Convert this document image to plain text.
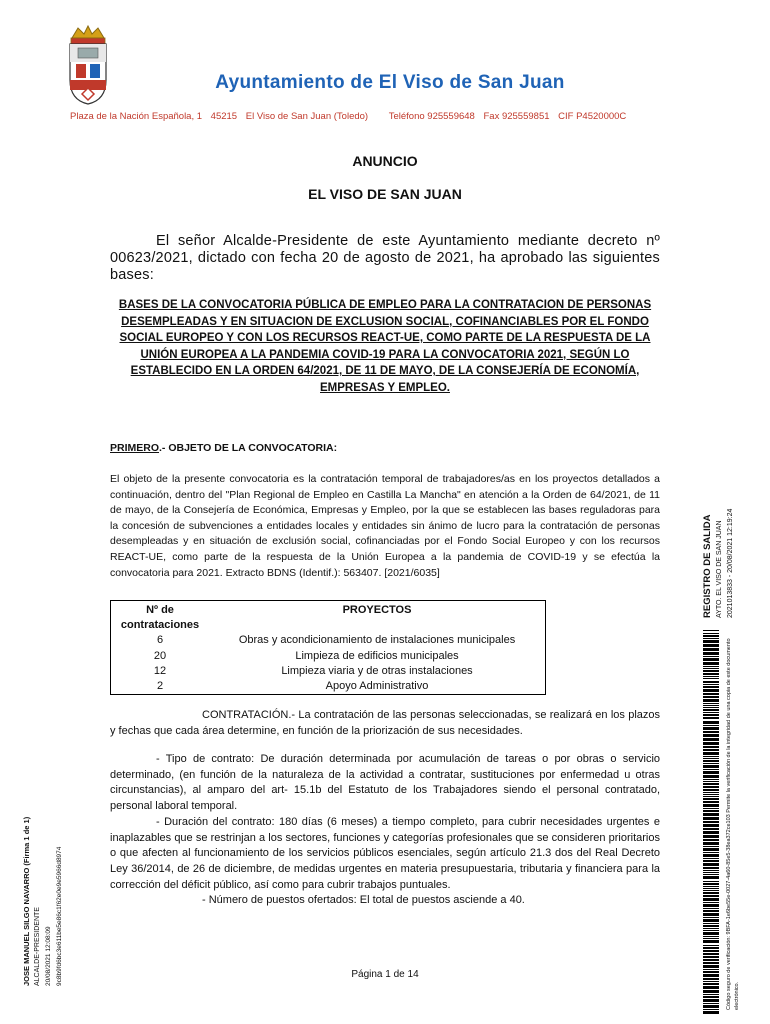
Ayuntamiento de El Viso de San Juan
Plaza de la Nación Española, 1 45215 El Viso de San Juan (Toledo) Teléfono 925559648 Fax 925559851 CIF P4520000C
ANUNCIO
EL VISO DE SAN JUAN
El señor Alcalde-Presidente de este Ayuntamiento mediante decreto nº 00623/2021, dictado con fecha 20 de agosto de 2021, ha aprobado las siguientes bases:
BASES DE LA CONVOCATORIA PÚBLICA DE EMPLEO PARA LA CONTRATACION DE PERSONAS DESEMPLEADAS Y EN SITUACION DE EXCLUSION SOCIAL, COFINANCIABLES POR EL FONDO SOCIAL EUROPEO Y CON LOS RECURSOS REACT-UE, COMO PARTE DE LA RESPUESTA DE LA UNIÓN EUROPEA A LA PANDEMIA COVID-19 PARA LA CONVOCATORIA 2021, SEGÚN LO ESTABLECIDO EN LA ORDEN 64/2021, DE 11 DE MAYO, DE LA CONSEJERÍA DE ECONOMÍA, EMPRESAS Y EMPLEO.
PRIMERO.- OBJETO DE LA CONVOCATORIA:
El objeto de la presente convocatoria es la contratación temporal de trabajadores/as en los proyectos detallados a continuación, dentro del "Plan Regional de Empleo en Castilla La Mancha" en atención a la Orden de 64/2021, de 11 de mayo, de la Consejería de Económica, Empresas y Empleo, por la que se establecen las bases reguladoras para la concesión de subvenciones a entidades locales y entidades sin ánimo de lucro para la contratación de personas desempleadas y en situación de exclusión social, cofinanciadas por el Fondo Social Europeo y con los recursos REACT-UE, como parte de la respuesta de la Unión Europea a la pandemia de COVID-19 y se efectúa la convocatoria para 2021. Extracto BDNS (Identif.): 563407. [2021/6035]
Nº de contrataciones	PROYECTOS
6	Obras y acondicionamiento de instalaciones municipales
20	Limpieza de edificios municipales
12	Limpieza viaria y de otras instalaciones
2	Apoyo Administrativo
CONTRATACIÓN.- La contratación de las personas seleccionadas, se realizará en los plazos y fechas que cada área determine, en función de la priorización de sus necesidades.

- Tipo de contrato: De duración determinada por acumulación de tareas o por obras o servicio determinado, (en función de la naturaleza de la actividad a contratar, sustituciones por enfermedad u otras circunstancias), al amparo del art- 15.1b del Estatuto de los Trabajadores siendo el personal contratado, personal laboral temporal.

- Duración del contrato: 180 días (6 meses) a tiempo completo, para cubrir necesidades urgentes e inaplazables que se restrinjan a los sectores, funciones y categorías profesionales que se consideren prioritarios o que afecten al funcionamiento de los servicios públicos esenciales, según artículo 21.3 dos del Real Decreto Ley 36/2014, de 26 de diciembre, de medidas urgentes en materia presupuestaria, tributaria y financiera para la corrección del déficit público, así como para cubrir trabajos puntuales.

- Número de puestos ofertados: El total de puestos asciende a 40.

Página 1 de 14
REGISTRO DE SALIDA AYTO. EL VISO DE SAN JUAN 2021013833 - 20/08/2021 12:19:24
Código seguro de verificación: 9BFA-1e6be55e-0027-4a60-85e5-38ea372ce103 Permite la verificación de la integridad de una copia de este documento electrónico.
JOSE MANUEL SILGO NAVARRO (Firma 1 de 1) ALCALDE-PRESIDENTE 20/08/2021 12:08:09 9c8b9fd6bc3e611be5e86c1f62e0e9e5966d8974
